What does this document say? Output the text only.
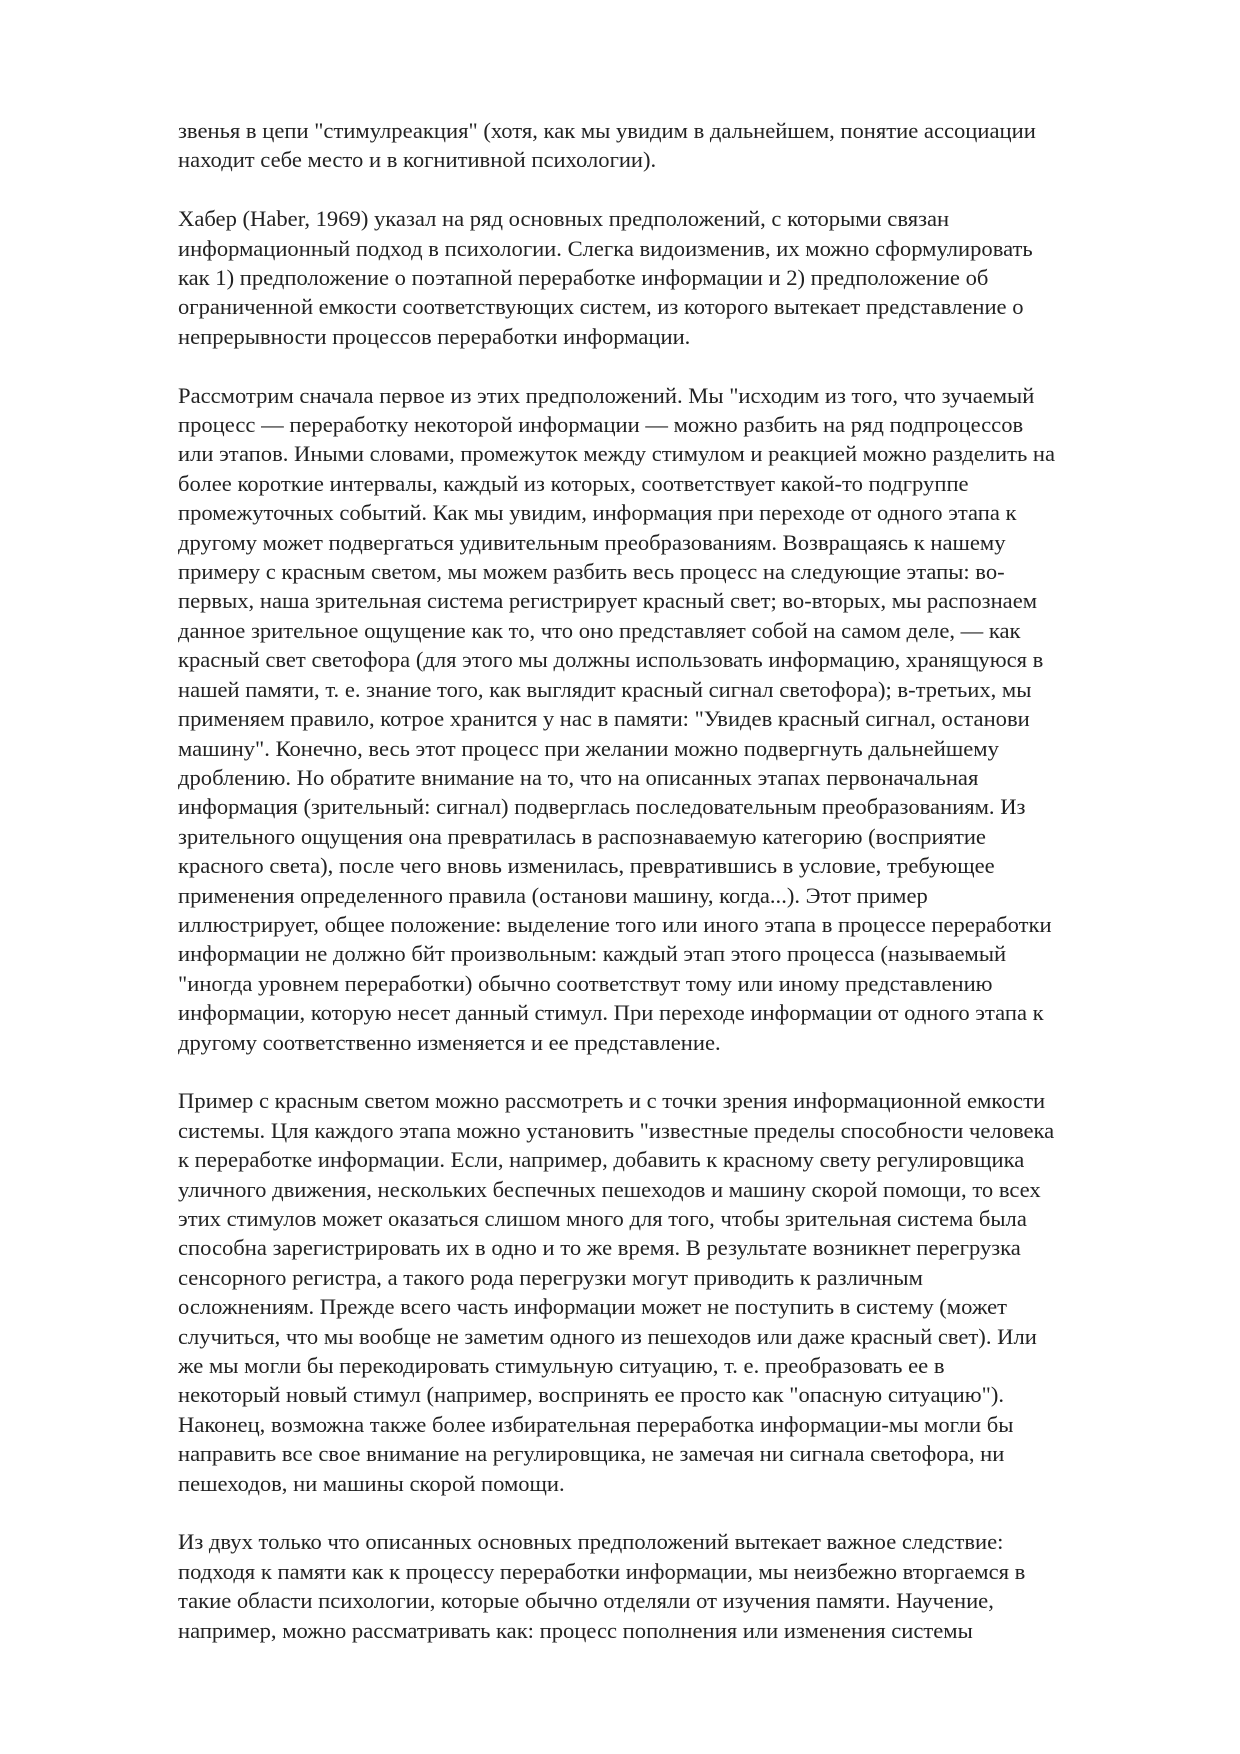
звенья в цепи "стимулреакция" (хотя, как мы увидим в дальнейшем, понятие ассоциации
находит себе место и в когнитивной психологии).
Хабер (Haber, 1969) указал на ряд основных предположений, с которыми связан
информационный подход в психологии. Слегка видоизменив, их можно сформулировать
как 1) предположение о поэтапной переработке информации и 2) предположение об
ограниченной емкости соответствующих систем, из которого вытекает представление о
непрерывности процессов переработки информации.
Рассмотрим сначала первое из этих предположений. Мы "исходим из того, что зучаемый
процесс — переработку некоторой информации — можно разбить на ряд подпроцессов
или этапов. Иными словами, промежуток между стимулом и реакцией можно разделить на
более короткие интервалы, каждый из которых, соответствует какой-то подгруппе
промежуточных событий. Как мы увидим, информация при переходе от одного этапа к
другому может подвергаться удивительным преобразованиям. Возвращаясь к нашему
примеру с красным светом, мы можем разбить весь процесс на следующие этапы: во-
первых, наша зрительная система регистрирует красный свет; во-вторых, мы распознаем
данное зрительное ощущение как то, что оно представляет собой на самом деле, — как
красный свет светофора (для этого мы должны использовать информацию, хранящуюся в
нашей памяти, т. е. знание того, как выглядит красный сигнал светофора); в-третьих, мы
применяем правило, котрое хранится у нас в памяти: "Увидев красный сигнал, останови
машину". Конечно, весь этот процесс при желании можно подвергнуть дальнейшему
дроблению. Но обратите внимание на то, что на описанных этапах первоначальная
информация (зрительный: сигнал) подверглась последовательным преобразованиям. Из
зрительного ощущения она превратилась в распознаваемую категорию (восприятие
красного света), после чего вновь изменилась, превратившись в условие, требующее
применения определенного правила (останови машину, когда...). Этот пример
иллюстрирует, общее положение: выделение того или иного этапа в процессе переработки
информации не должно бйт произвольным: каждый этап этого процесса (называемый
"иногда уровнем переработки) обычно соответствут тому или иному представлению
информации, которую несет данный стимул. При переходе информации от одного этапа к
другому соответственно изменяется и ее представление.
Пример с красным светом можно рассмотреть и с точки зрения информационной емкости
системы. Цля каждого этапа можно установить "известные пределы способности человека
к переработке информации. Если, например, добавить к красному свету регулировщика
уличного движения, нескольких беспечных пешеходов и машину скорой помощи, то всех
этих стимулов может оказаться слишом много для того, чтобы зрительная система была
способна зарегистрировать их в одно и то же время. В результате возникнет перегрузка
сенсорного регистра, а такого рода перегрузки могут приводить к различным
осложнениям. Прежде всего часть информации может не поступить в систему (может
случиться, что мы вообще не заметим одного из пешеходов или даже красный свет). Или
же мы могли бы перекодировать стимульную ситуацию, т. е. преобразовать ее в
некоторый новый стимул (например, воспринять ее просто как "опасную ситуацию").
Наконец, возможна также более избирательная переработка информации-мы могли бы
направить все свое внимание на регулировщика, не замечая ни сигнала светофора, ни
пешеходов, ни машины скорой помощи.
Из двух только что описанных основных предположений вытекает важное следствие:
подходя к памяти как к процессу переработки информации, мы неизбежно вторгаемся в
такие области психологии, которые обычно отделяли от изучения памяти. Научение,
например, можно рассматривать как: процесс пополнения или изменения системы
